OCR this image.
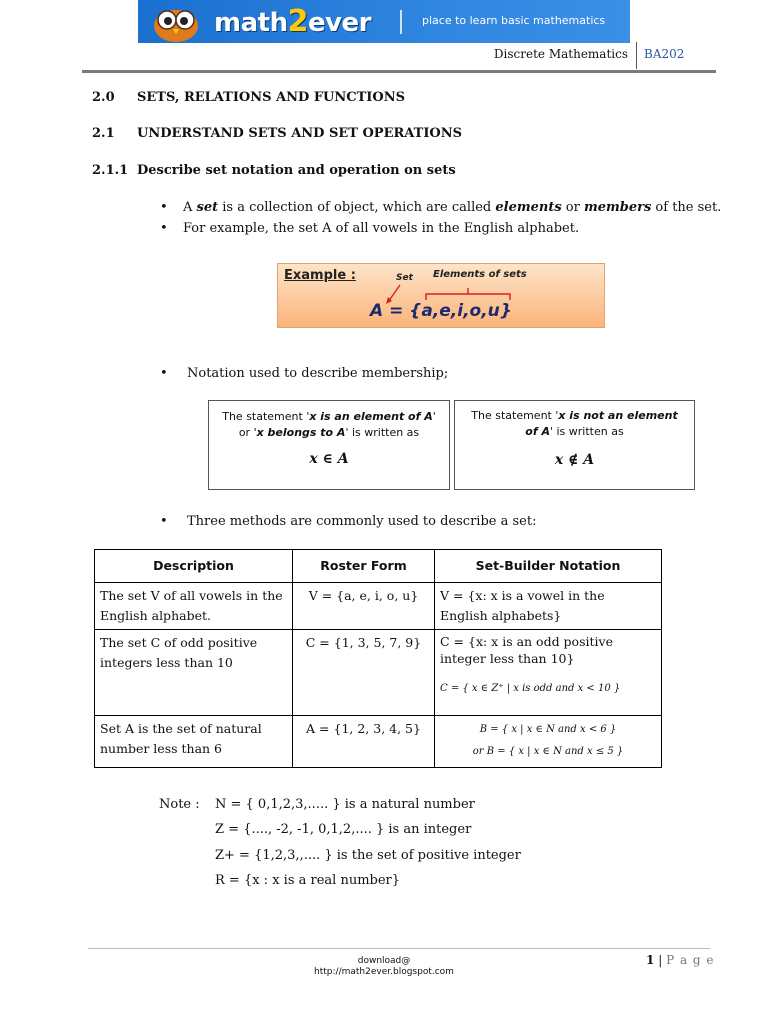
math2ever	place to learn basic mathematics
Discrete Mathematics BA202
2.0 SETS, RELATIONS AND FUNCTIONS
2.1 UNDERSTAND SETS AND SET OPERATIONS
2.1.1 Describe set notation and operation on sets
• A set is a collection of object, which are called elements or members of the set.
• For example, the set A of all vowels in the English alphabet.
Example :	Set Elements of sets
A = {a,e,i,o,u}
• Notation used to describe membership;
The statement 'x is an element of A'
or 'x belongs to A' is written as
x ∈ A
The statement 'x is not an element
of A' is written as
x ∉ A
• Three methods are commonly used to describe a set:
Description	Roster Form	Set-Builder Notation
The set V of all vowels in the English alphabet.	V = {a, e, i, o, u}	V = {x: x is a vowel in the English alphabets}
The set C of odd positive integers less than 10	C = {1, 3, 5, 7, 9}	C = {x: x is an odd positive integer less than 10}
C = { x ∈ Z⁺ | x is odd and x < 10 }

Set A is the set of natural number less than 6	A = {1, 2, 3, 4, 5}	B = { x | x ∈ N and x < 6 }
or B = { x | x ∈ N and x ≤ 5 }
Note : N = { 0,1,2,3,..... } is a natural number
Z = {...., -2, -1, 0,1,2,.... } is an integer
Z+ = {1,2,3,,.... } is the set of positive integer
R = {x : x is a real number}
download@
http://math2ever.blogspot.com
1 | P a g e
